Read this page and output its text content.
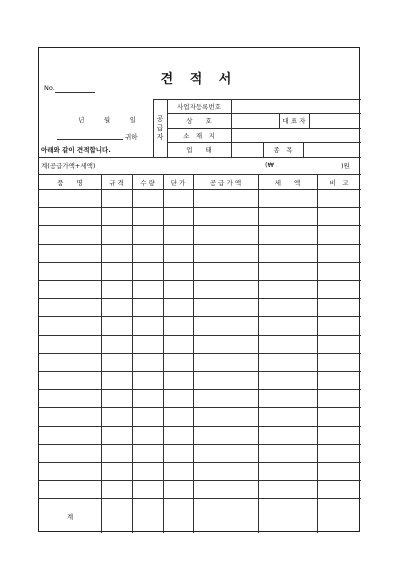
견 적 서
No.
년　　　월　　　일
귀하
아래와 같이 견적합니다.
공급자
사업자등록번호
상　　호	대 표 자
소　재　지
업　　태	종　목
계(공급가액+세액)	(₩	)원
품　　명	규 격	수 량	단 가	공 급 가 액	세　　액	비　고
계
